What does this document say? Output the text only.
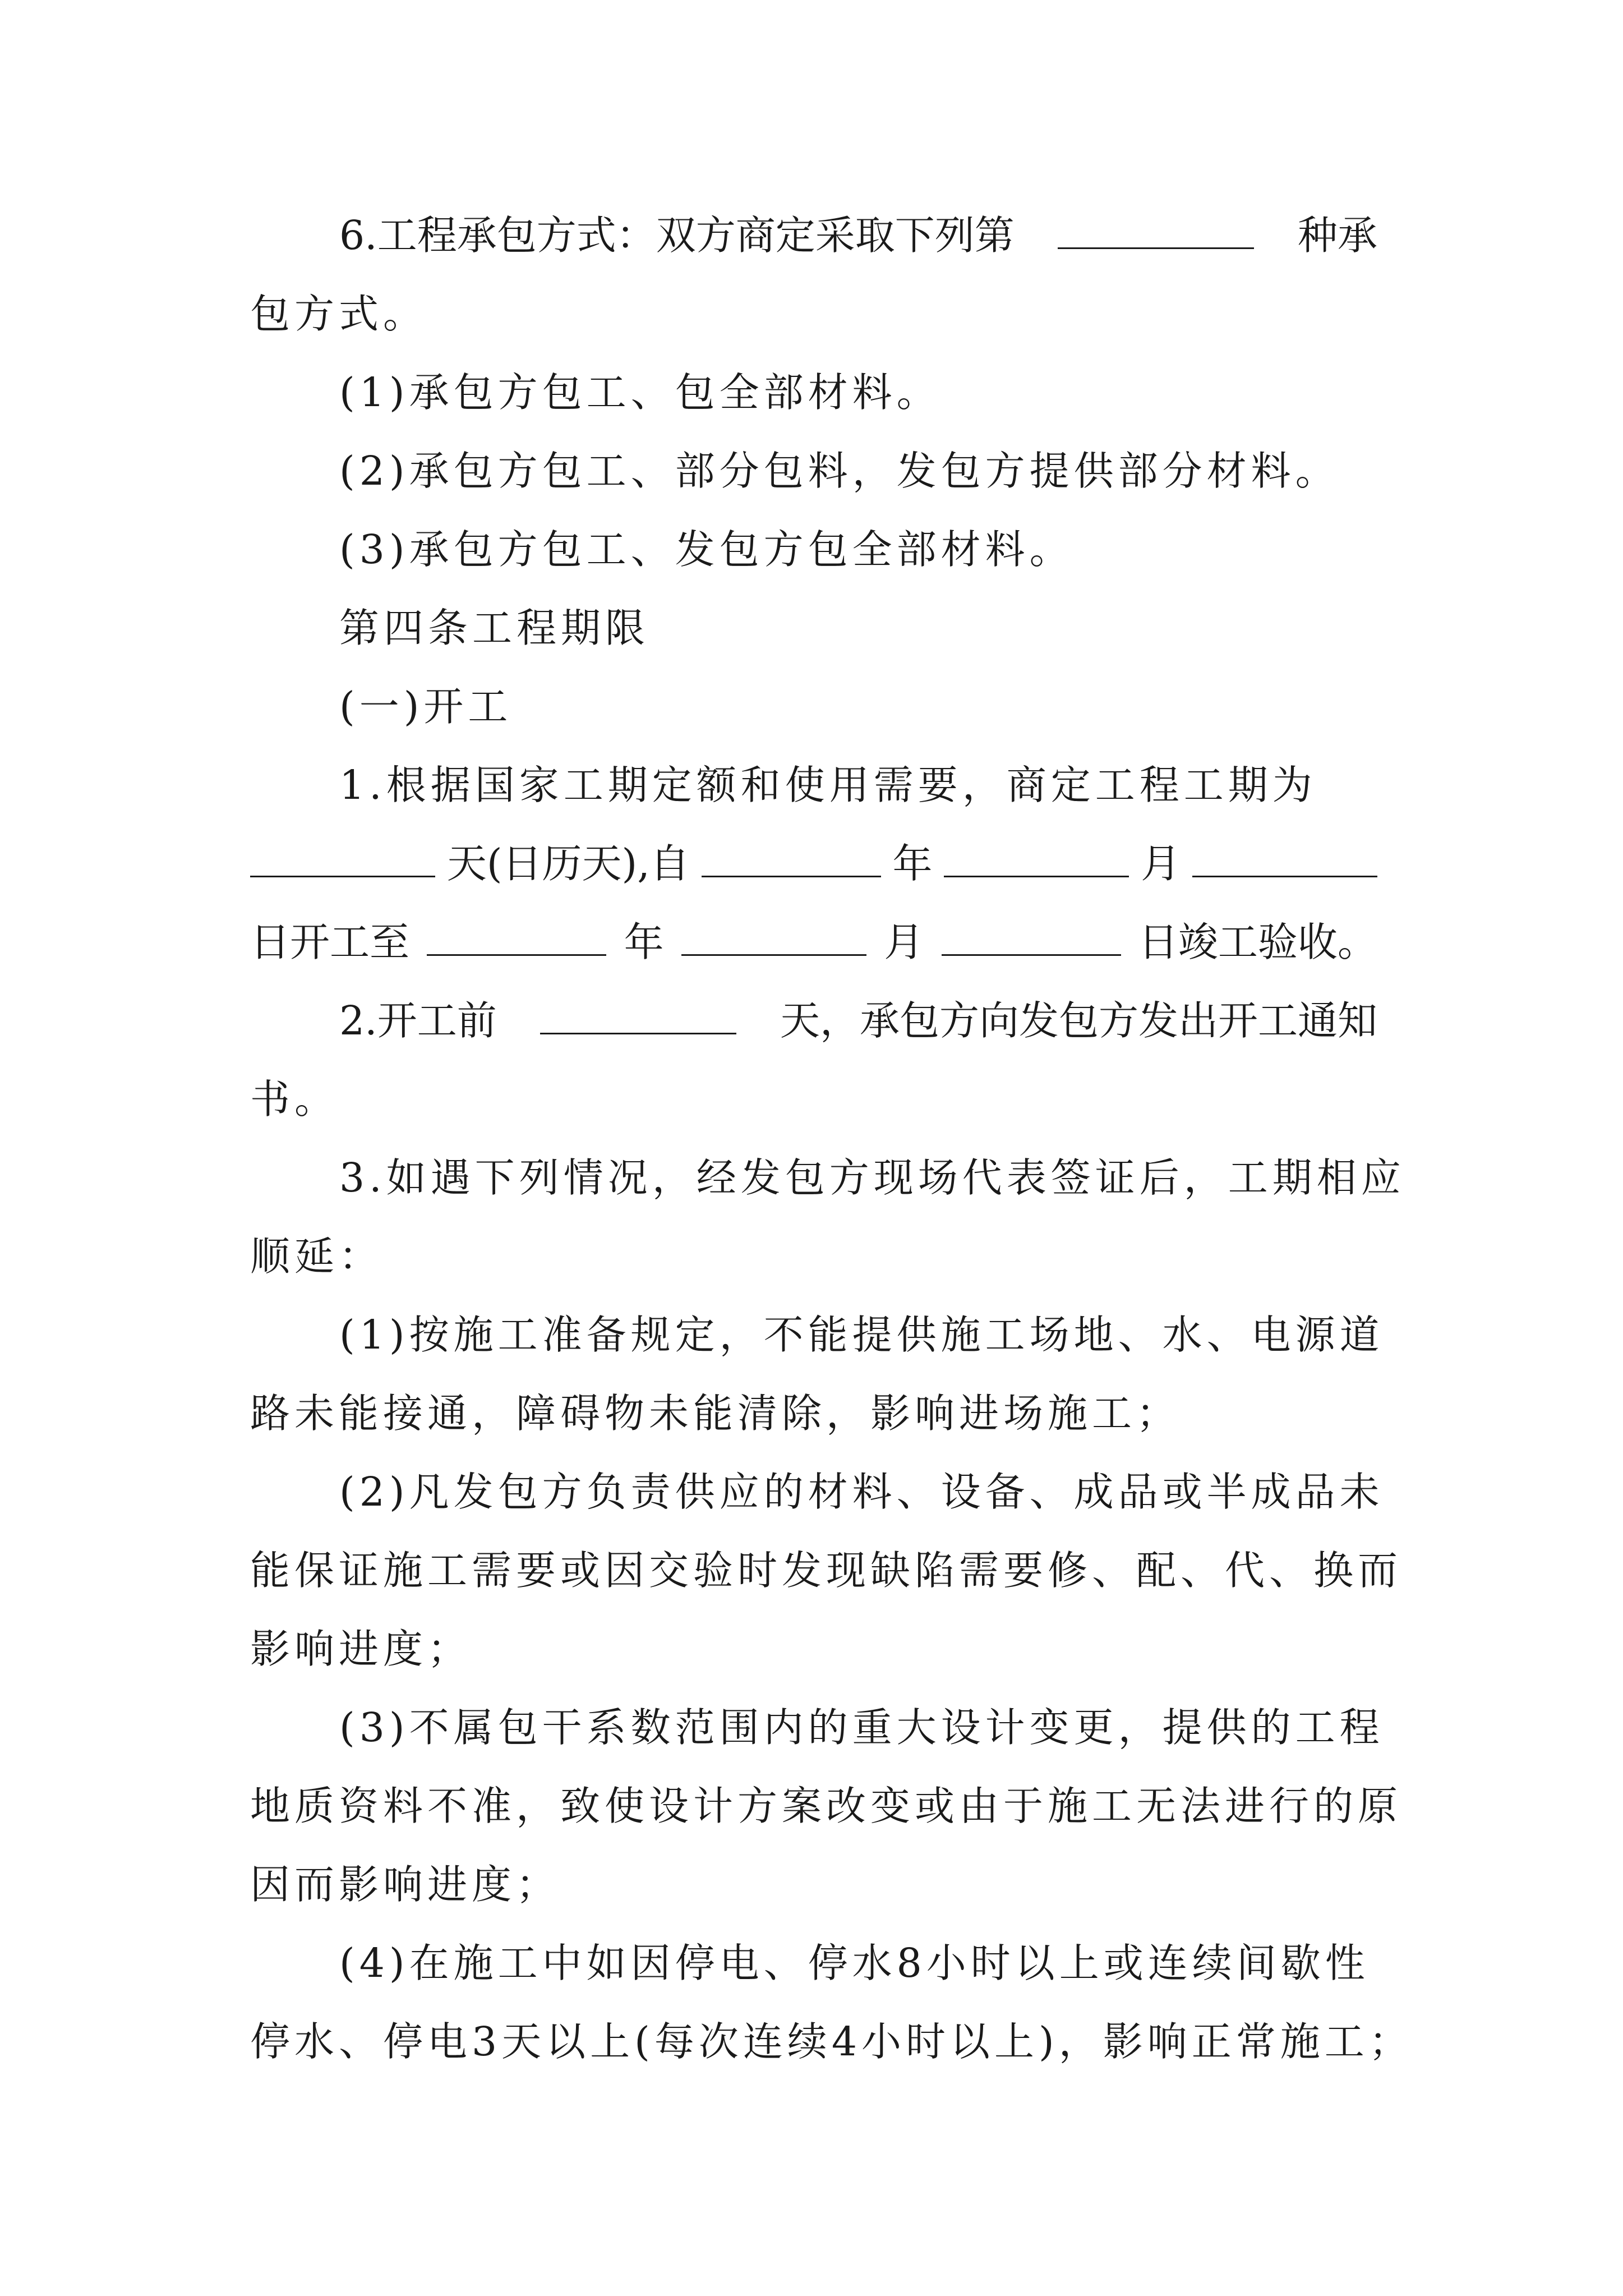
6.工程承包方式：双方商定采取下列第	种承
包方式。
(1)承包方包工、包全部材料。
(2)承包方包工、部分包料，发包方提供部分材料。
(3)承包方包工、发包方包全部材料。
第四条工程期限
(一)开工
1.根据国家工期定额和使用需要，商定工程工期为
天(日历天),自	年	月
日开工至	年	月	日竣工验收。
2.开工前	天，承包方向发包方发出开工通知
书。
3.如遇下列情况，经发包方现场代表签证后，工期相应
顺延：
(1)按施工准备规定，不能提供施工场地、水、电源道
路未能接通，障碍物未能清除，影响进场施工；
(2)凡发包方负责供应的材料、设备、成品或半成品未
能保证施工需要或因交验时发现缺陷需要修、配、代、换而
影响进度；
(3)不属包干系数范围内的重大设计变更，提供的工程
地质资料不准，致使设计方案改变或由于施工无法进行的原
因而影响进度；
(4)在施工中如因停电、停水8小时以上或连续间歇性
停水、停电3天以上(每次连续4小时以上)，影响正常施工；
